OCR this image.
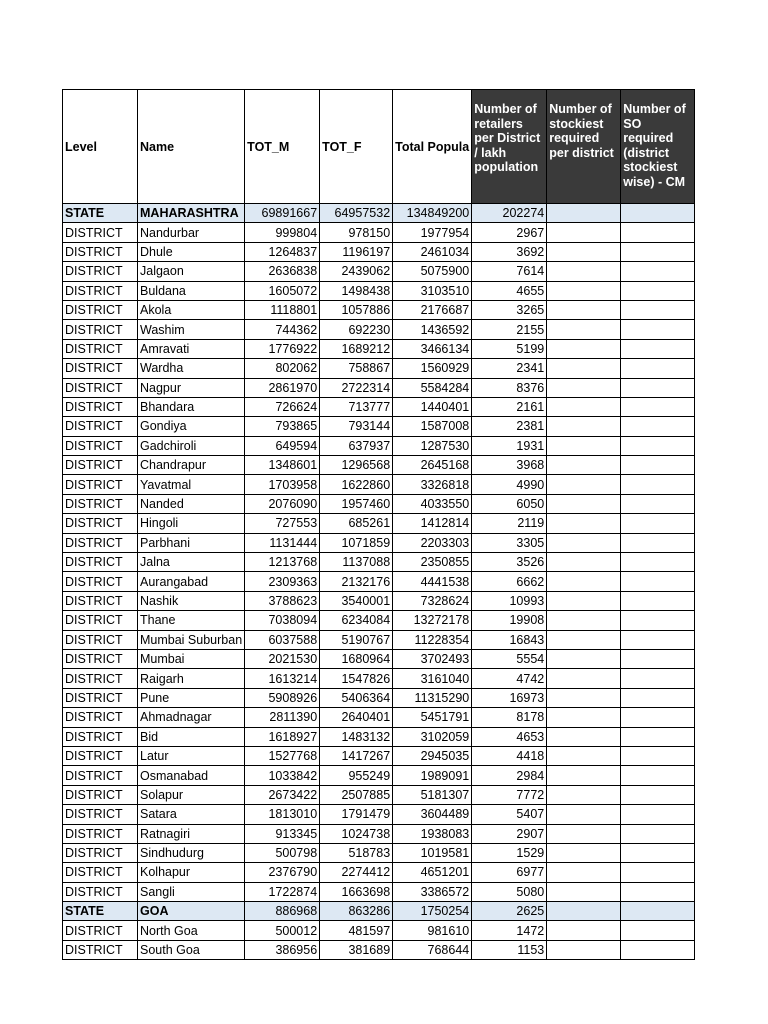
Level	Name	TOT_M	TOT_F	Total Popula	Number of retailers per District / lakh population	Number of stockiest required per district	Number of SO required (district stockiest wise) - CM
STATE	MAHARASHTRA	69891667	64957532	134849200	202274		
DISTRICT	Nandurbar	999804	978150	1977954	2967		
DISTRICT	Dhule	1264837	1196197	2461034	3692		
DISTRICT	Jalgaon	2636838	2439062	5075900	7614		
DISTRICT	Buldana	1605072	1498438	3103510	4655		
DISTRICT	Akola	1118801	1057886	2176687	3265		
DISTRICT	Washim	744362	692230	1436592	2155		
DISTRICT	Amravati	1776922	1689212	3466134	5199		
DISTRICT	Wardha	802062	758867	1560929	2341		
DISTRICT	Nagpur	2861970	2722314	5584284	8376		
DISTRICT	Bhandara	726624	713777	1440401	2161		
DISTRICT	Gondiya	793865	793144	1587008	2381		
DISTRICT	Gadchiroli	649594	637937	1287530	1931		
DISTRICT	Chandrapur	1348601	1296568	2645168	3968		
DISTRICT	Yavatmal	1703958	1622860	3326818	4990		
DISTRICT	Nanded	2076090	1957460	4033550	6050		
DISTRICT	Hingoli	727553	685261	1412814	2119		
DISTRICT	Parbhani	1131444	1071859	2203303	3305		
DISTRICT	Jalna	1213768	1137088	2350855	3526		
DISTRICT	Aurangabad	2309363	2132176	4441538	6662		
DISTRICT	Nashik	3788623	3540001	7328624	10993		
DISTRICT	Thane	7038094	6234084	13272178	19908		
DISTRICT	Mumbai Suburban	6037588	5190767	11228354	16843		
DISTRICT	Mumbai	2021530	1680964	3702493	5554		
DISTRICT	Raigarh	1613214	1547826	3161040	4742		
DISTRICT	Pune	5908926	5406364	11315290	16973		
DISTRICT	Ahmadnagar	2811390	2640401	5451791	8178		
DISTRICT	Bid	1618927	1483132	3102059	4653		
DISTRICT	Latur	1527768	1417267	2945035	4418		
DISTRICT	Osmanabad	1033842	955249	1989091	2984		
DISTRICT	Solapur	2673422	2507885	5181307	7772		
DISTRICT	Satara	1813010	1791479	3604489	5407		
DISTRICT	Ratnagiri	913345	1024738	1938083	2907		
DISTRICT	Sindhudurg	500798	518783	1019581	1529		
DISTRICT	Kolhapur	2376790	2274412	4651201	6977		
DISTRICT	Sangli	1722874	1663698	3386572	5080		
STATE	GOA	886968	863286	1750254	2625		
DISTRICT	North Goa	500012	481597	981610	1472		
DISTRICT	South Goa	386956	381689	768644	1153		
